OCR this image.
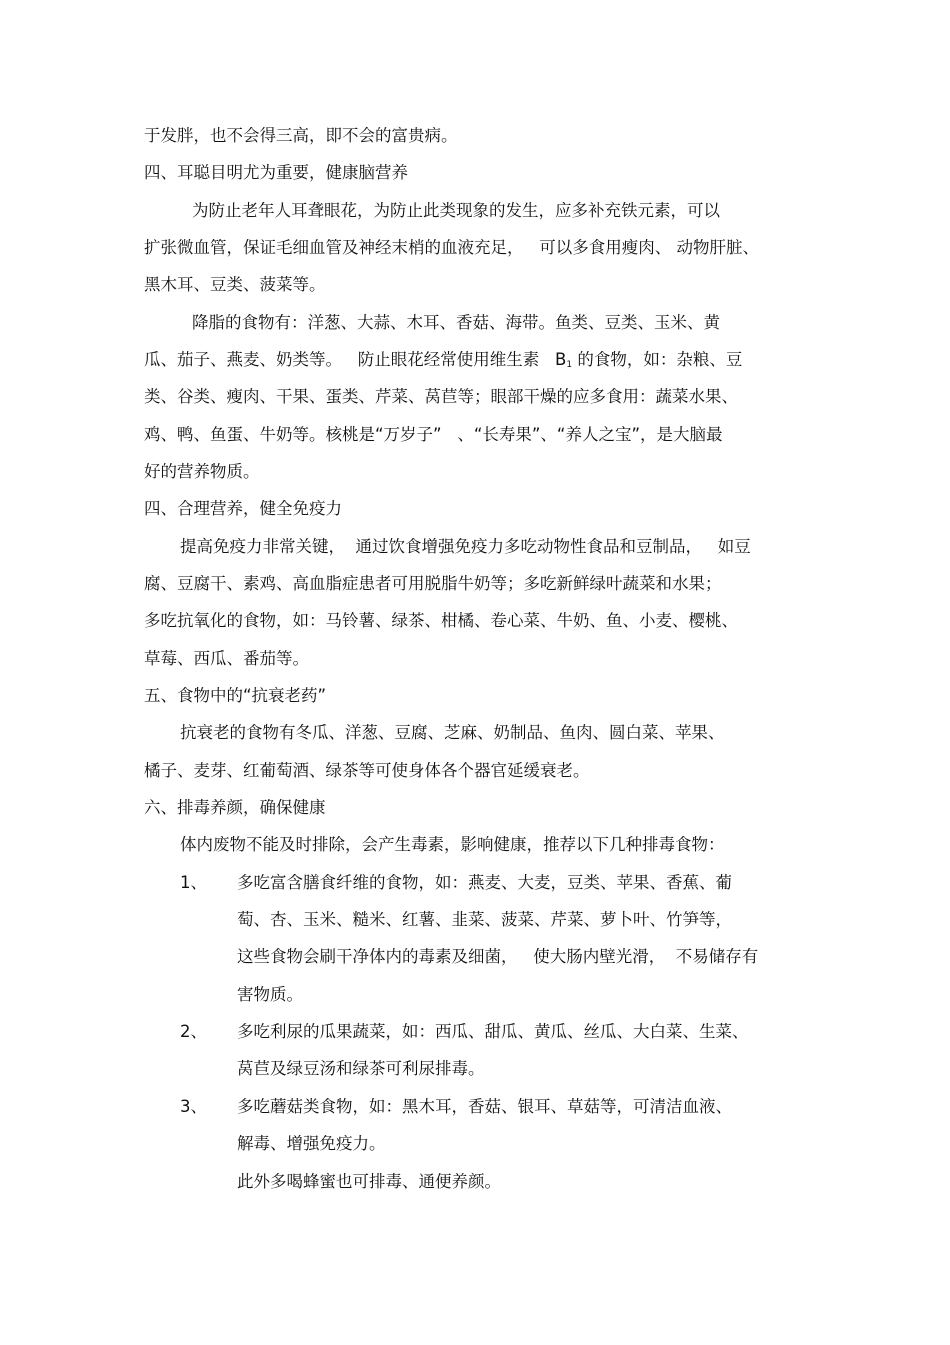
于发胖，也不会得三高，即不会的富贵病。
四、耳聪目明尤为重要，健康脑营养
为防止老年人耳聋眼花，为防止此类现象的发生，应多补充铁元素，可以
扩张微血管，保证毛细血管及神经末梢的血液充足，   可以多食用瘦肉、 动物肝脏、
黑木耳、豆类、菠菜等。
降脂的食物有：洋葱、大蒜、木耳、香菇、海带。鱼类、豆类、玉米、黄
瓜、茄子、燕麦、奶类等。   防止眼花经常使用维生素 $B_1$ 的食物，如：杂粮、豆
类、谷类、瘦肉、干果、蛋类、芹菜、莴苣等；眼部干燥的应多食用：蔬菜水果、
鸡、鸭、鱼蛋、牛奶等。核桃是“万岁子”   、“长寿果”、“养人之宝”，是大脑最
好的营养物质。
四、合理营养，健全免疫力
提高免疫力非常关键，  通过饮食增强免疫力多吃动物性食品和豆制品，   如豆
腐、豆腐干、素鸡、高血脂症患者可用脱脂牛奶等；多吃新鲜绿叶蔬菜和水果；
多吃抗氧化的食物，如：马铃薯、绿茶、柑橘、卷心菜、牛奶、鱼、小麦、樱桃、
草莓、西瓜、番茄等。
五、食物中的“抗衰老药”
抗衰老的食物有冬瓜、洋葱、豆腐、芝麻、奶制品、鱼肉、圆白菜、苹果、
橘子、麦芽、红葡萄酒、绿茶等可使身体各个器官延缓衰老。
六、排毒养颜，确保健康
体内废物不能及时排除，会产生毒素，影响健康，推荐以下几种排毒食物：
1、 多吃富含膳食纤维的食物，如：燕麦、大麦，豆类、苹果、香蕉、葡
萄、杏、玉米、糙米、红薯、韭菜、菠菜、芹菜、萝卜叶、竹笋等，
这些食物会刷干净体内的毒素及细菌，   使大肠内壁光滑，  不易储存有
害物质。
2、 多吃利尿的瓜果蔬菜，如：西瓜、甜瓜、黄瓜、丝瓜、大白菜、生菜、
莴苣及绿豆汤和绿茶可利尿排毒。
3、 多吃蘑菇类食物，如：黑木耳，香菇、银耳、草菇等，可清洁血液、
解毒、增强免疫力。
此外多喝蜂蜜也可排毒、通便养颜。
